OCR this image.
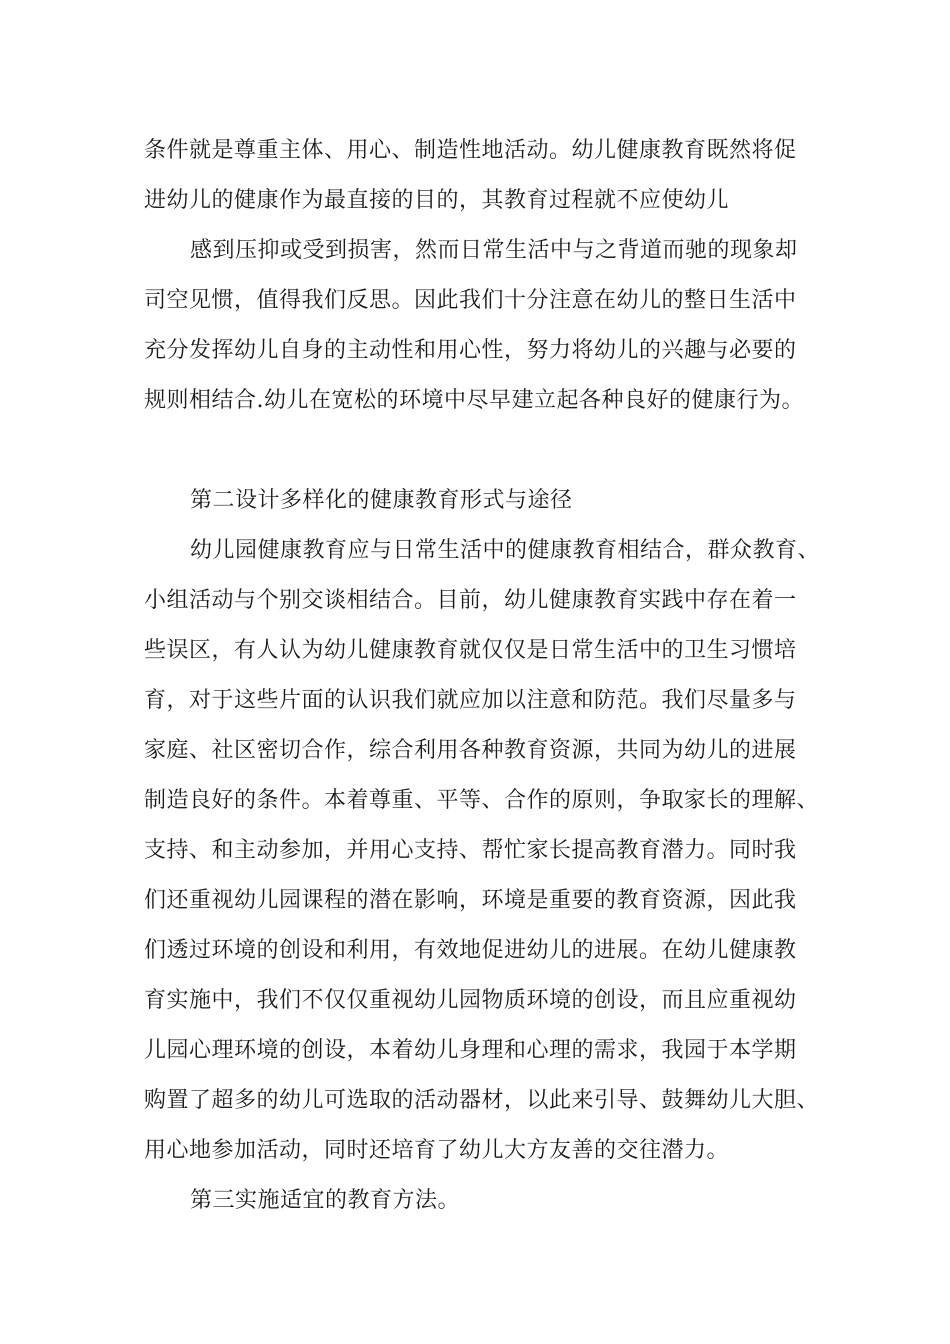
条件就是尊重主体、用心、制造性地活动。幼儿健康教育既然将促
进幼儿的健康作为最直接的目的，其教育过程就不应使幼儿
感到压抑或受到损害，然而日常生活中与之背道而驰的现象却
司空见惯，值得我们反思。因此我们十分注意在幼儿的整日生活中
充分发挥幼儿自身的主动性和用心性，努力将幼儿的兴趣与必要的
规则相结合.幼儿在宽松的环境中尽早建立起各种良好的健康行为。
第二设计多样化的健康教育形式与途径
幼儿园健康教育应与日常生活中的健康教育相结合，群众教育、
小组活动与个别交谈相结合。目前，幼儿健康教育实践中存在着一
些误区，有人认为幼儿健康教育就仅仅是日常生活中的卫生习惯培
育，对于这些片面的认识我们就应加以注意和防范。我们尽量多与
家庭、社区密切合作，综合利用各种教育资源，共同为幼儿的进展
制造良好的条件。本着尊重、平等、合作的原则，争取家长的理解、
支持、和主动参加，并用心支持、帮忙家长提高教育潜力。同时我
们还重视幼儿园课程的潜在影响，环境是重要的教育资源，因此我
们透过环境的创设和利用，有效地促进幼儿的进展。在幼儿健康教
育实施中，我们不仅仅重视幼儿园物质环境的创设，而且应重视幼
儿园心理环境的创设，本着幼儿身理和心理的需求，我园于本学期
购置了超多的幼儿可选取的活动器材，以此来引导、鼓舞幼儿大胆、
用心地参加活动，同时还培育了幼儿大方友善的交往潜力。
第三实施适宜的教育方法。
